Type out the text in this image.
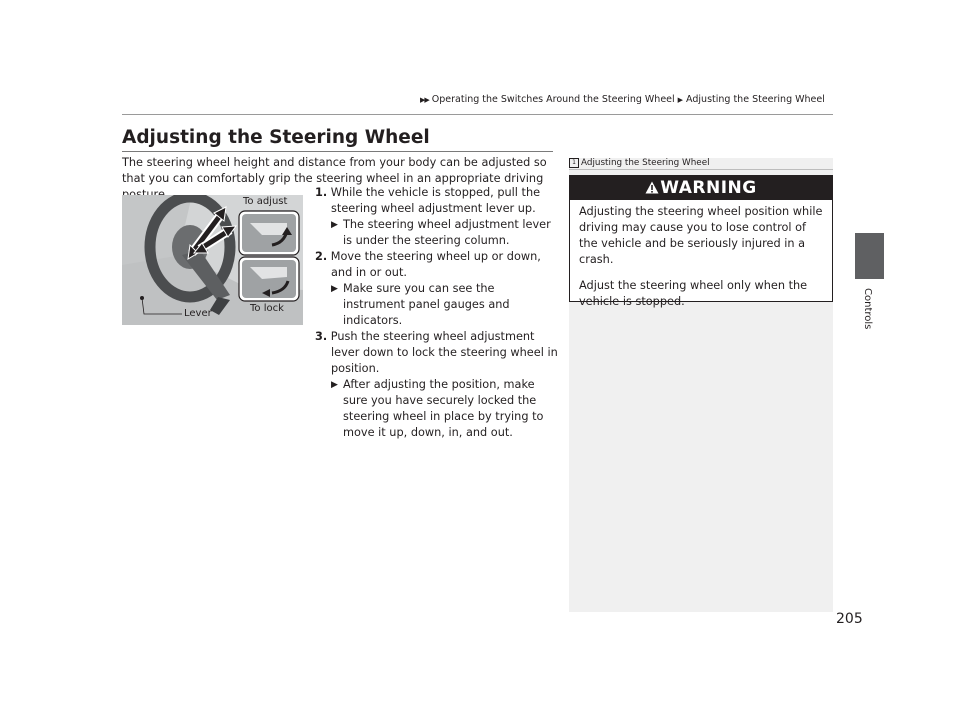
▶▶ Operating the Switches Around the Steering Wheel ▶ Adjusting the Steering Wheel
Controls
Adjusting the Steering Wheel
The steering wheel height and distance from your body can be adjusted so that you can comfortably grip the steering wheel in an appropriate driving
To adjust
To lock
Lever
1. While the vehicle is stopped, pull the steering wheel adjustment lever up.
▶ The steering wheel adjustment lever is under the steering column.
2. Move the steering wheel up or down, and in or out.
▶ Make sure you can see the instrument panel gauges and indicators.
3. Push the steering wheel adjustment lever down to lock the steering wheel in position.
▶ After adjusting the position, make sure you have securely locked the steering wheel in place by trying to move it up, down, in, and out.
1 Adjusting the Steering Wheel
WARNING

Adjusting the steering wheel position while driving may cause you to lose control of the vehicle and be seriously injured in a crash.

Adjust the steering wheel only when the vehicle is stopped.

205
